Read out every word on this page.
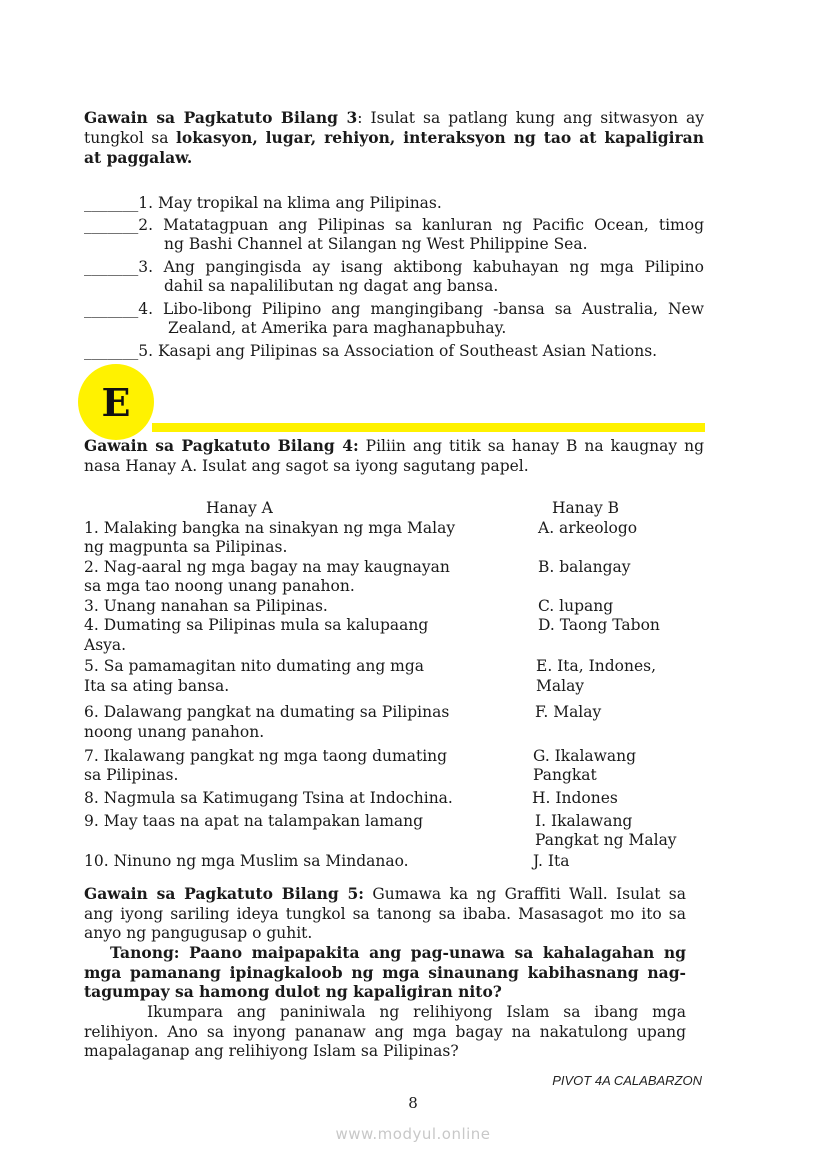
Gawain sa Pagkatuto Bilang 3: Isulat sa patlang kung ang sitwasyon ay
tungkol sa lokasyon, lugar, rehiyon, interaksyon ng tao at kapaligiran
at paggalaw.
_______1. May tropikal na klima ang Pilipinas.
_______2. Matatagpuan ang Pilipinas sa kanluran ng Pacific Ocean, timog
ng Bashi Channel at Silangan ng West Philippine Sea.
_______3. Ang pangingisda ay isang aktibong kabuhayan ng mga Pilipino
dahil sa napalilibutan ng dagat ang bansa.
_______4. Libo-libong Pilipino ang mangingibang -bansa sa Australia, New
Zealand, at Amerika para maghanapbuhay.
_______5. Kasapi ang Pilipinas sa Association of Southeast Asian Nations.
E
Gawain sa Pagkatuto Bilang 4: Piliin ang titik sa hanay B na kaugnay ng
nasa Hanay A. Isulat ang sagot sa iyong sagutang papel.
Hanay A	Hanay B
1. Malaking bangka na sinakyan ng mga Malay
ng magpunta sa Pilipinas.
2. Nag-aaral ng mga bagay na may kaugnayan
sa mga tao noong unang panahon.
3. Unang nanahan sa Pilipinas.
4. Dumating sa Pilipinas mula sa kalupaang
Asya.
5. Sa pamamagitan nito dumating ang mga
Ita sa ating bansa.
6. Dalawang pangkat na dumating sa Pilipinas
noong unang panahon.
7. Ikalawang pangkat ng mga taong dumating
sa Pilipinas.
8. Nagmula sa Katimugang Tsina at Indochina.
9. May taas na apat na talampakan lamang
10. Ninuno ng mga Muslim sa Mindanao.
A. arkeologo
B. balangay
C. lupang
D. Taong Tabon
E. Ita, Indones,
Malay
F. Malay
G. Ikalawang
Pangkat
H. Indones
I. Ikalawang
Pangkat ng Malay
J. Ita
Gawain sa Pagkatuto Bilang 5: Gumawa ka ng Graffiti Wall. Isulat sa
ang iyong sariling ideya tungkol sa tanong sa ibaba. Masasagot mo ito sa
anyo ng pangugusap o guhit.
Tanong: Paano maipapakita ang pag-unawa sa kahalagahan ng
mga pamanang ipinagkaloob ng mga sinaunang kabihasnang nag-
tagumpay sa hamong dulot ng kapaligiran nito?
Ikumpara ang paniniwala ng relihiyong Islam sa ibang mga
relihiyon. Ano sa inyong pananaw ang mga bagay na nakatulong upang
mapalaganap ang relihiyong Islam sa Pilipinas?
PIVOT 4A CALABARZON
8
www.modyul.online
